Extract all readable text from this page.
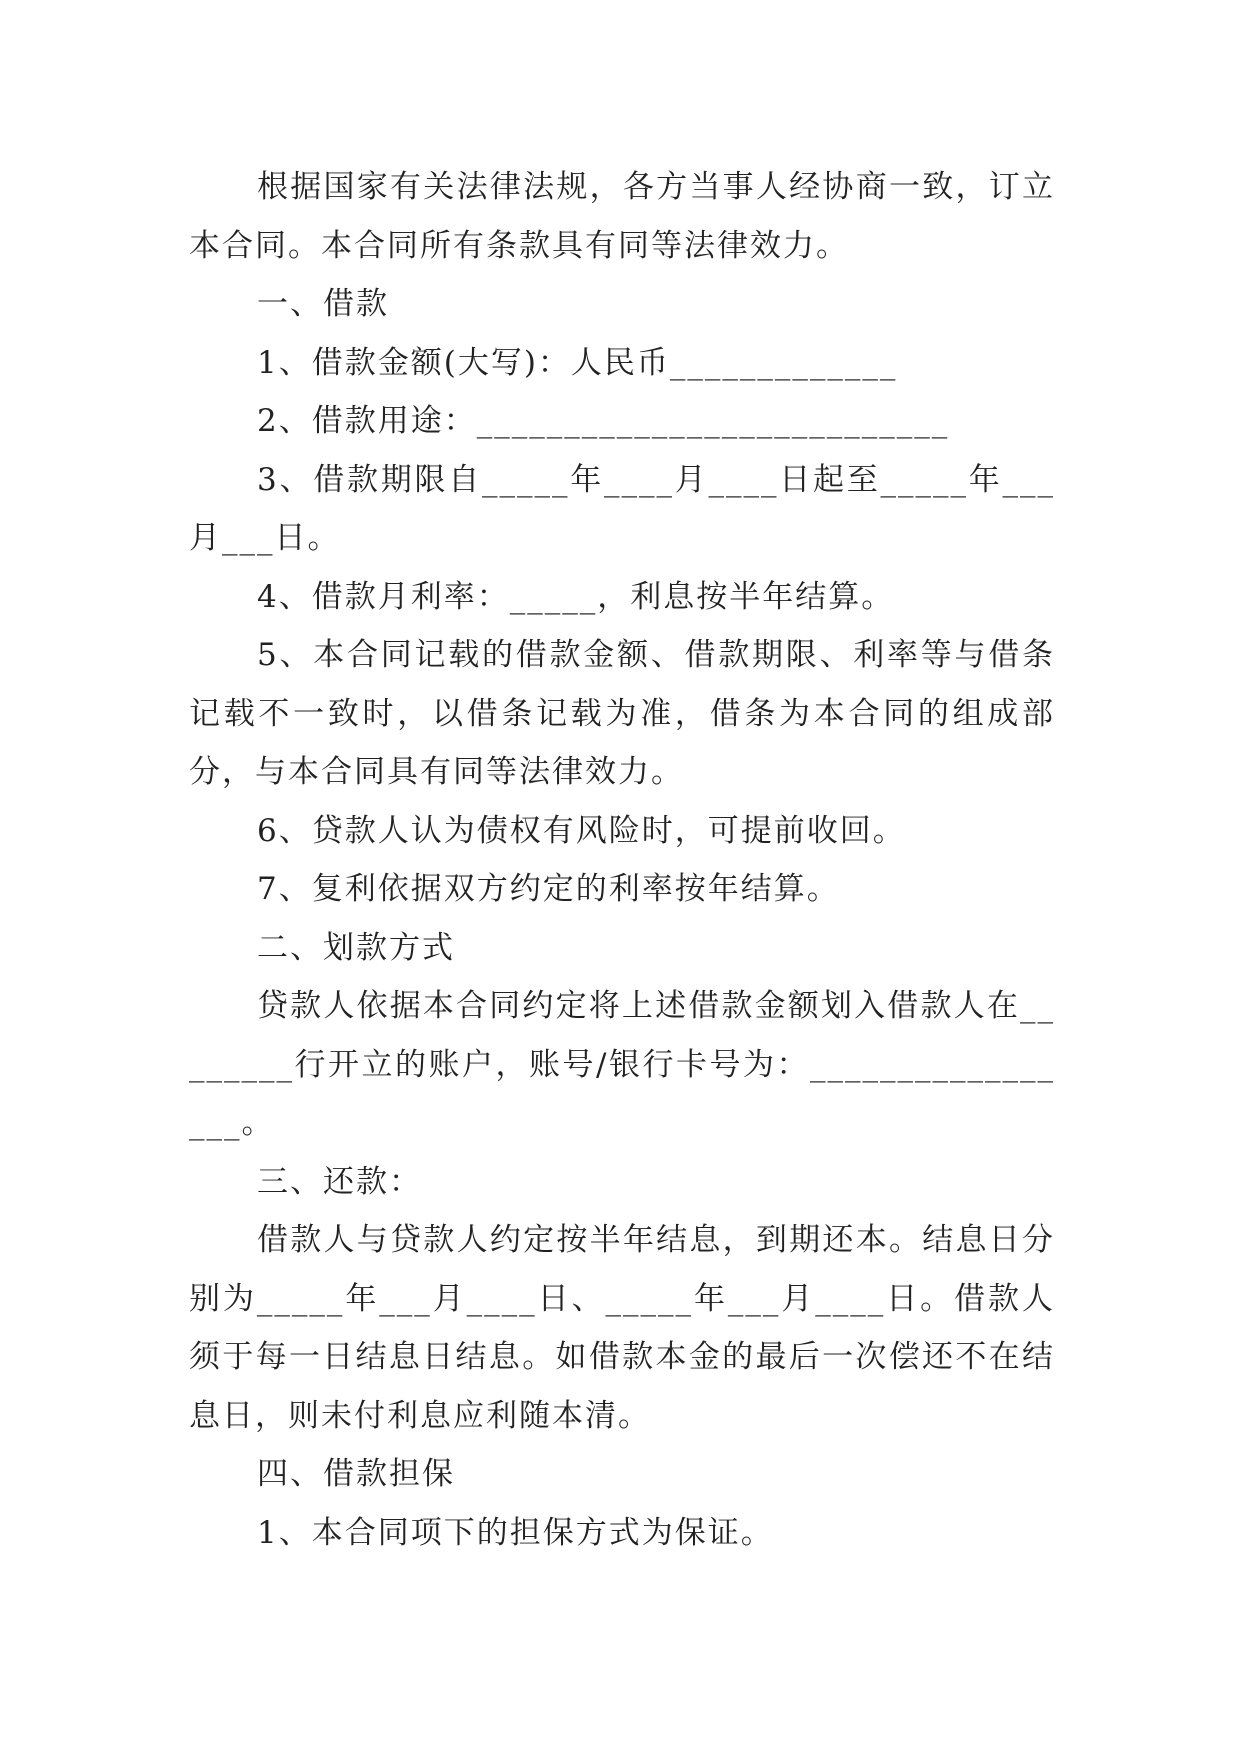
根据国家有关法律法规，各方当事人经协商一致，订立本合同。本合同所有条款具有同等法律效力。

一、借款

1、借款金额(大写)：人民币_____________

2、借款用途：___________________________

3、借款期限自_____年____月____日起至_____年___月___日。

4、借款月利率：_____，利息按半年结算。

5、本合同记载的借款金额、借款期限、利率等与借条记载不一致时，以借条记载为准，借条为本合同的组成部分，与本合同具有同等法律效力。

6、贷款人认为债权有风险时，可提前收回。

7、复利依据双方约定的利率按年结算。

二、划款方式

贷款人依据本合同约定将上述借款金额划入借款人在________行开立的账户，账号/银行卡号为：_________________。

三、还款：

借款人与贷款人约定按半年结息，到期还本。结息日分别为_____年___月____日、_____年___月____日。借款人须于每一日结息日结息。如借款本金的最后一次偿还不在结息日，则未付利息应利随本清。

四、借款担保

1、本合同项下的担保方式为保证。
